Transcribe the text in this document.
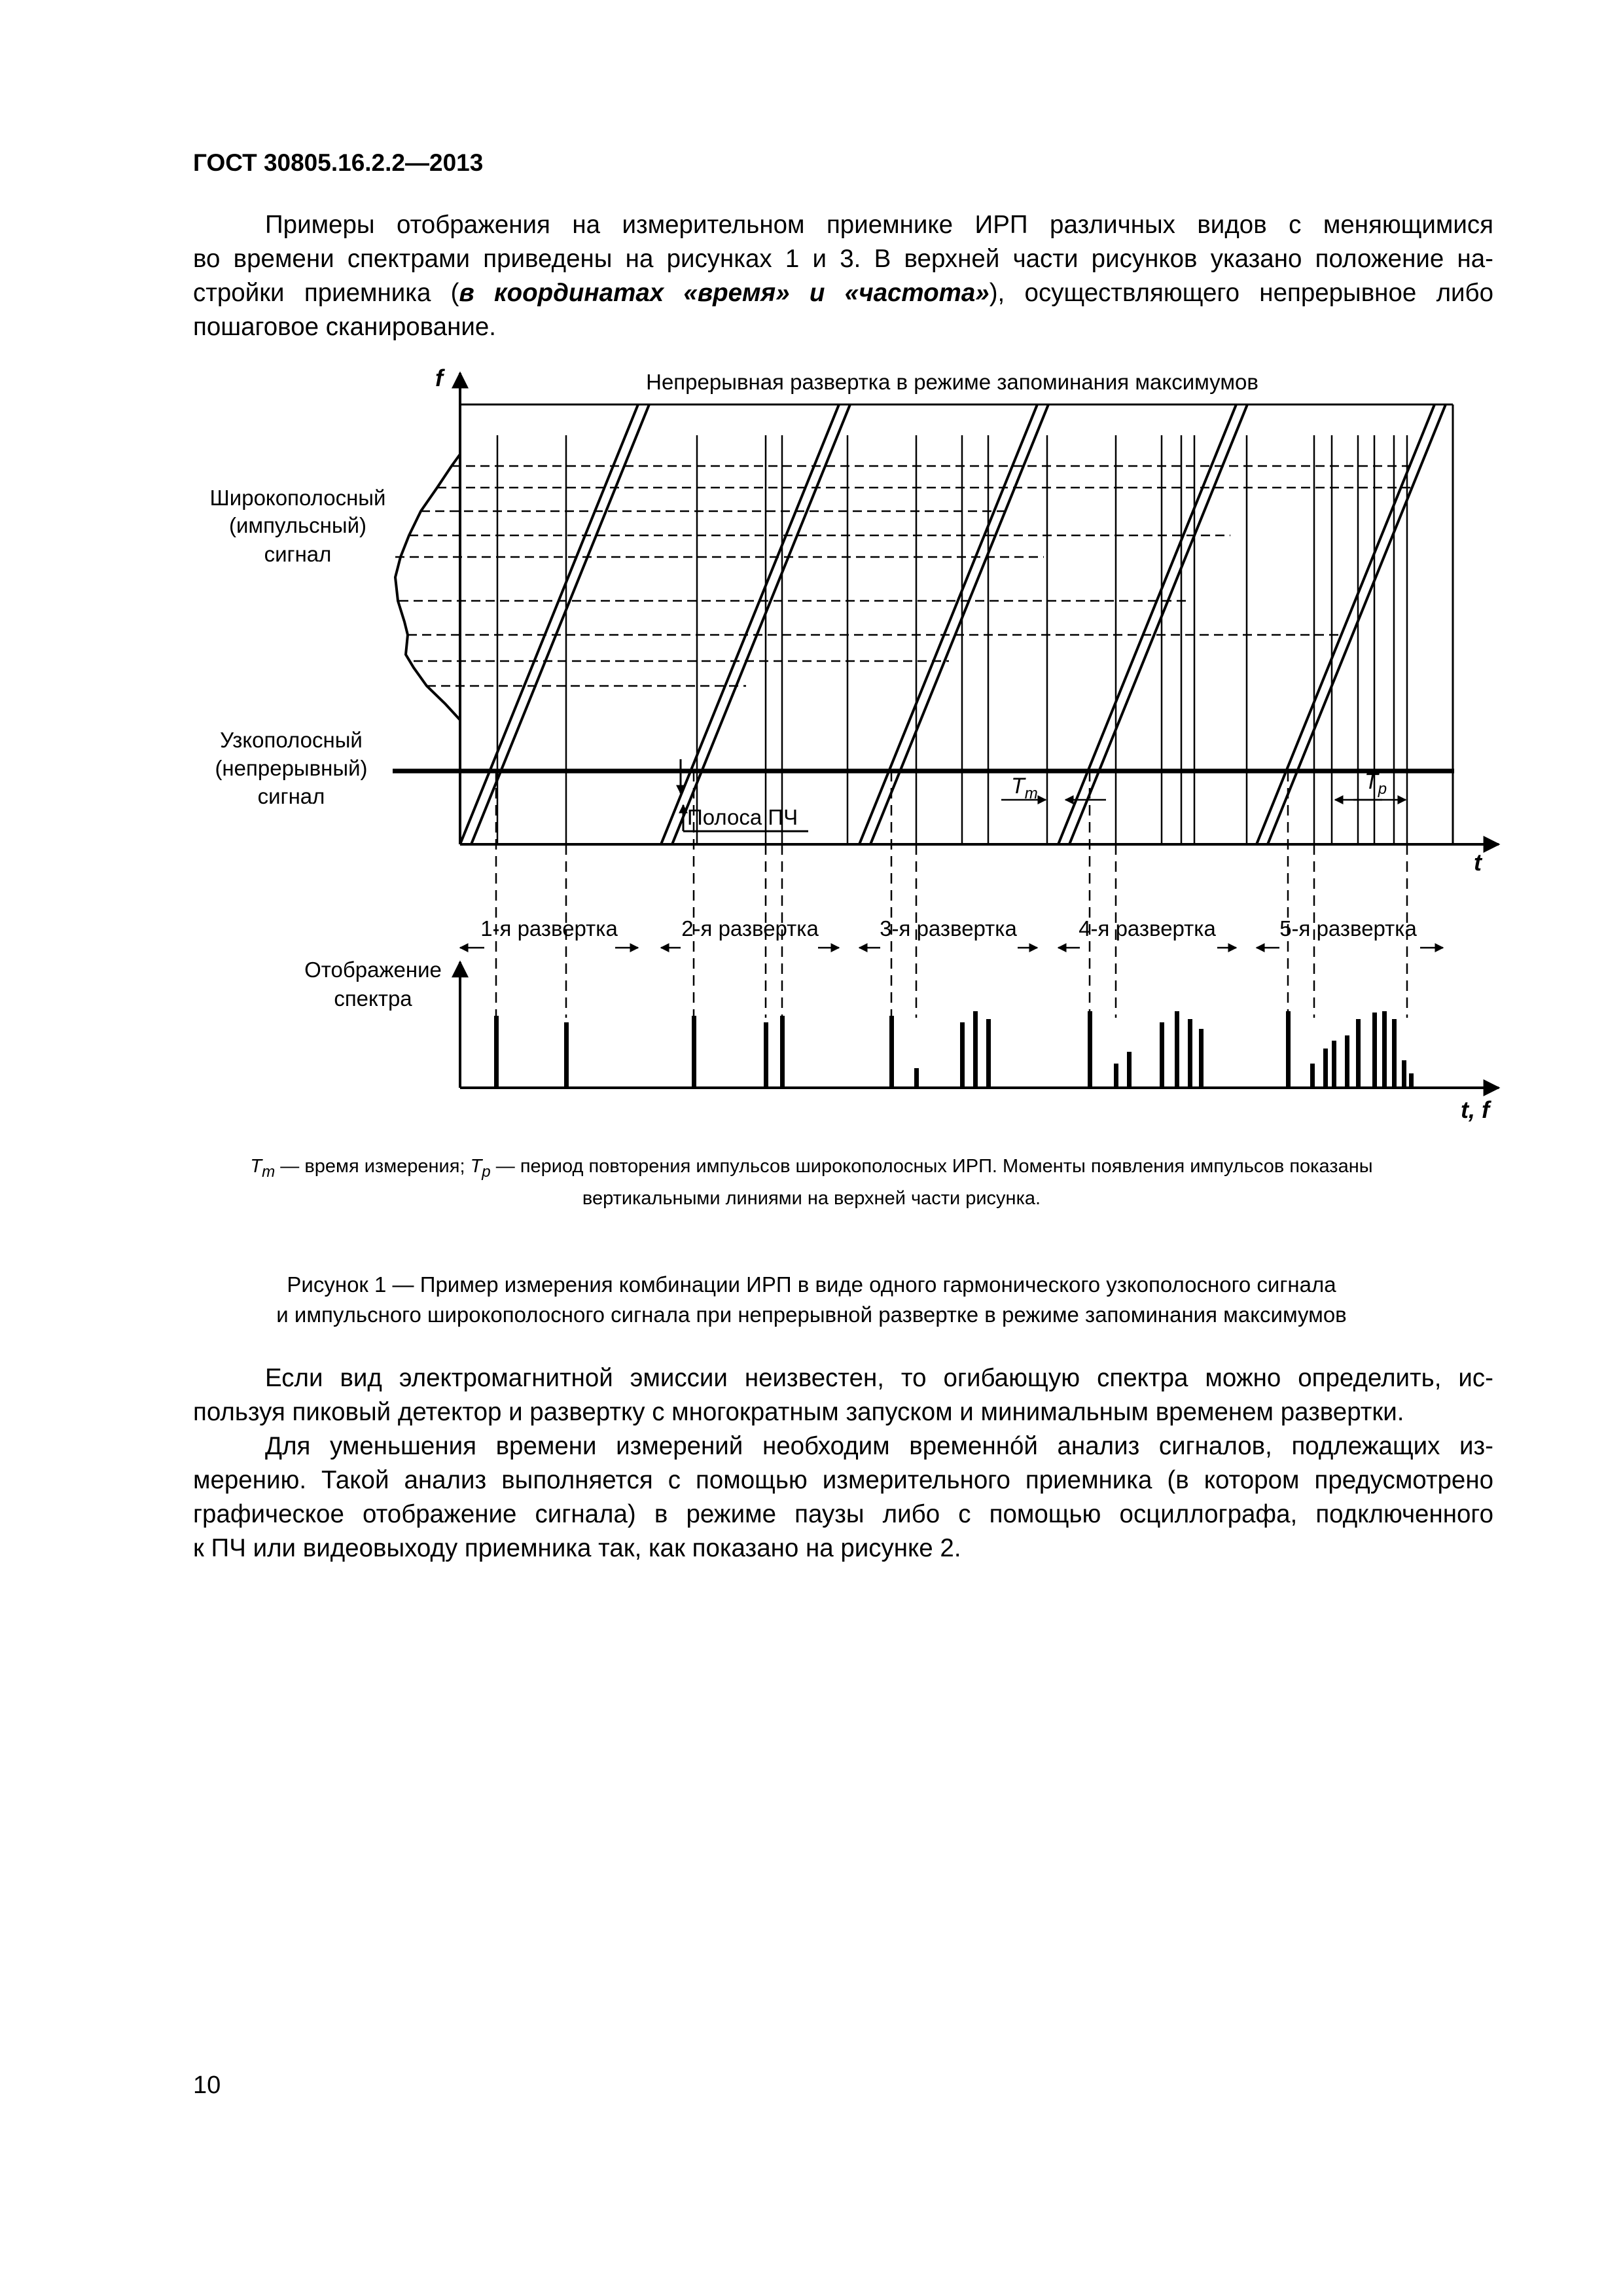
ГОСТ 30805.16.2.2—2013

Примеры отображения на измерительном приемнике ИРП различных видов с меняющимися
во времени спектрами приведены на рисунках 1 и 3. В верхней части рисунков указано положение на-
стройки приемника (в координатах «время» и «частота»), осуществляющего непрерывное либо
пошаговое сканирование.
f
t
Непрерывная развертка в режиме запоминания максимумов
Широкополосный
(импульсный)
сигнал
Узкополосный
(непрерывный)
сигнал
Полоса ПЧ
$T_m$	$T_p$
1-я развертка	2-я развертка	3-я развертка	4-я развертка	5-я развертка
t, f
Отображение
спектра
$T_m$ — время измерения; $T_p$ — период повторения импульсов широкополосных ИРП. Моменты появления импульсов показаны
вертикальными линиями на верхней части рисунка.
Рисунок 1 — Пример измерения комбинации ИРП в виде одного гармонического узкополосного сигнала
и импульсного широкополосного сигнала при непрерывной развертке в режиме запоминания максимумов
Если вид электромагнитной эмиссии неизвестен, то огибающую спектра можно определить, ис-
пользуя пиковый детектор и развертку с многократным запуском и минимальным временем развертки.
Для уменьшения времени измерений необходим временнóй анализ сигналов, подлежащих из-
мерению. Такой анализ выполняется с помощью измерительного приемника (в котором предусмотрено
графическое отображение сигнала) в режиме паузы либо с помощью осциллографа, подключенного
к ПЧ или видеовыходу приемника так, как показано на рисунке 2.

10
